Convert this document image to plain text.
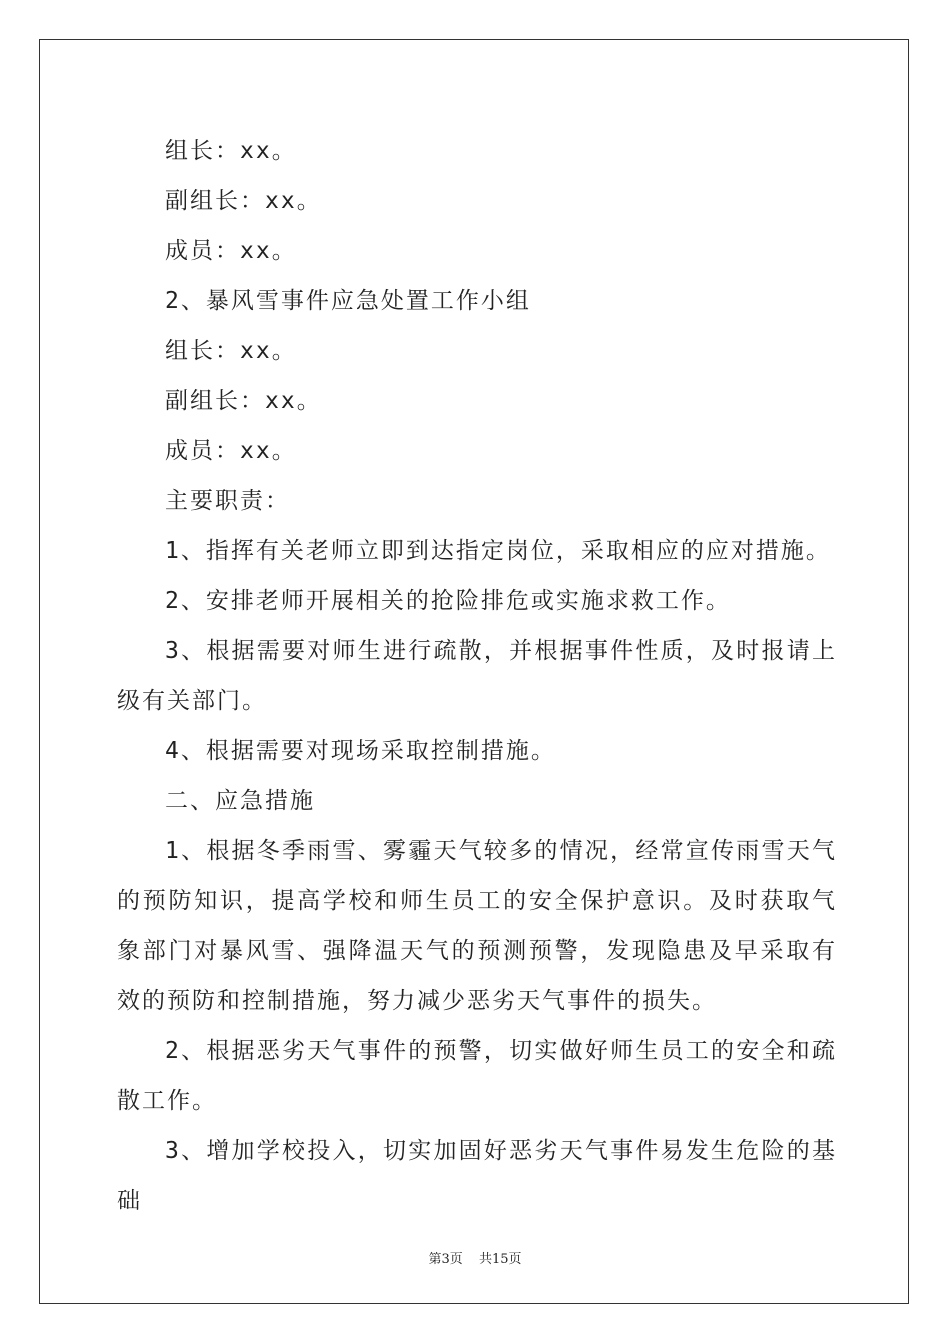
组长：xx。

副组长：xx。

成员：xx。

2、暴风雪事件应急处置工作小组

组长：xx。

副组长：xx。

成员：xx。

主要职责：

1、指挥有关老师立即到达指定岗位，采取相应的应对措施。

2、安排老师开展相关的抢险排危或实施求救工作。

3、根据需要对师生进行疏散，并根据事件性质，及时报请上级有关部门。

4、根据需要对现场采取控制措施。

二、应急措施

1、根据冬季雨雪、雾霾天气较多的情况，经常宣传雨雪天气的预防知识，提高学校和师生员工的安全保护意识。及时获取气象部门对暴风雪、强降温天气的预测预警，发现隐患及早采取有效的预防和控制措施，努力减少恶劣天气事件的损失。

2、根据恶劣天气事件的预警，切实做好师生员工的安全和疏散工作。

3、增加学校投入，切实加固好恶劣天气事件易发生危险的基础

第3页 共15页
